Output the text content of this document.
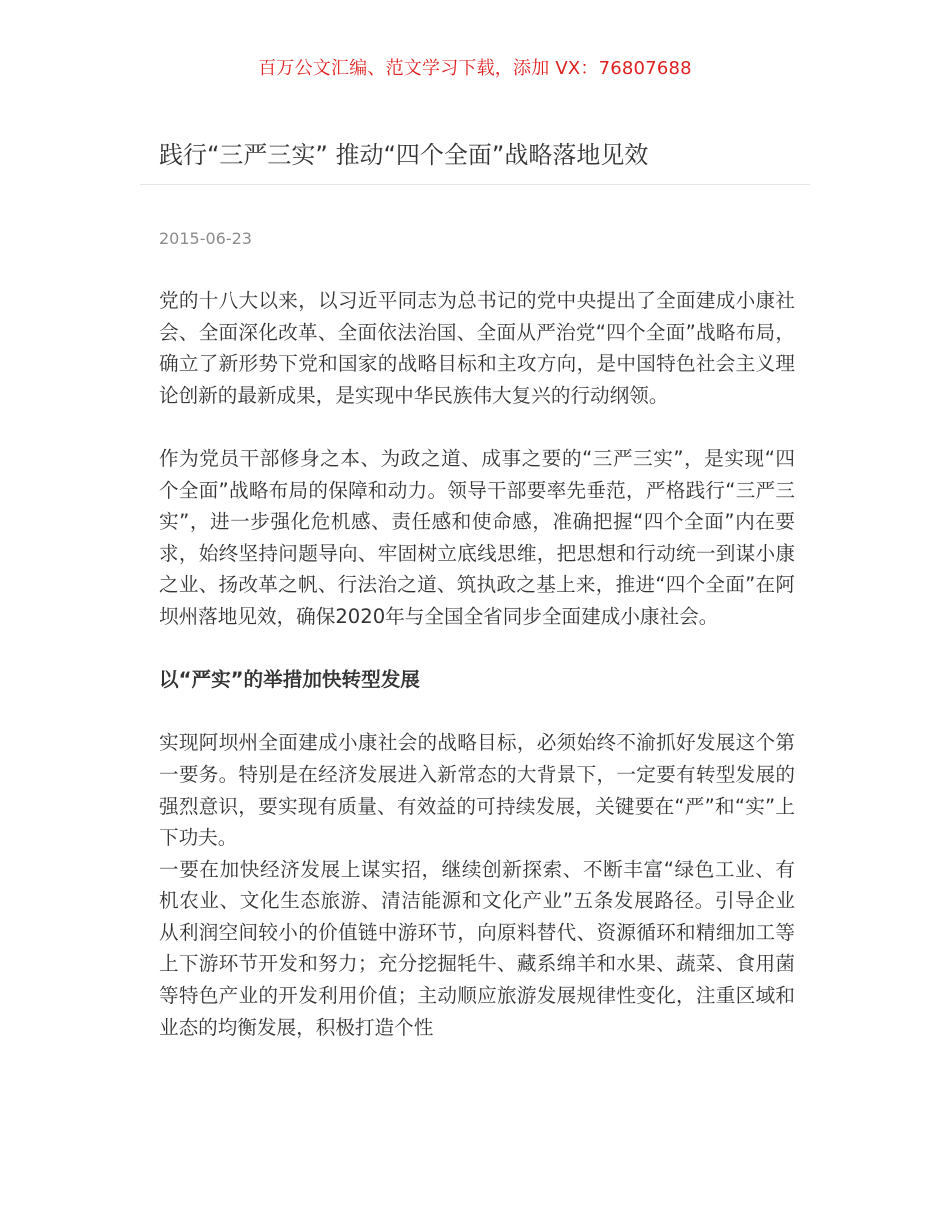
百万公文汇编、范文学习下载，添加 VX：76807688
践行“三严三实” 推动“四个全面”战略落地见效
2015-06-23

党的十八大以来，以习近平同志为总书记的党中央提出了全面建成小康社会、全面深化改革、全面依法治国、全面从严治党“四个全面”战略布局，确立了新形势下党和国家的战略目标和主攻方向，是中国特色社会主义理论创新的最新成果，是实现中华民族伟大复兴的行动纲领。

作为党员干部修身之本、为政之道、成事之要的“三严三实”，是实现“四个全面”战略布局的保障和动力。领导干部要率先垂范，严格践行“三严三实”，进一步强化危机感、责任感和使命感，准确把握“四个全面”内在要求，始终坚持问题导向、牢固树立底线思维，把思想和行动统一到谋小康之业、扬改革之帆、行法治之道、筑执政之基上来，推进“四个全面”在阿坝州落地见效，确保2020年与全国全省同步全面建成小康社会。

以“严实”的举措加快转型发展

实现阿坝州全面建成小康社会的战略目标，必须始终不渝抓好发展这个第一要务。特别是在经济发展进入新常态的大背景下，一定要有转型发展的强烈意识，要实现有质量、有效益的可持续发展，关键要在“严”和“实”上下功夫。

一要在加快经济发展上谋实招，继续创新探索、不断丰富“绿色工业、有机农业、文化生态旅游、清洁能源和文化产业”五条发展路径。引导企业从利润空间较小的价值链中游环节，向原料替代、资源循环和精细加工等上下游环节开发和努力；充分挖掘牦牛、藏系绵羊和水果、蔬菜、食用菌等特色产业的开发利用价值；主动顺应旅游发展规律性变化，注重区域和业态的均衡发展，积极打造个性
